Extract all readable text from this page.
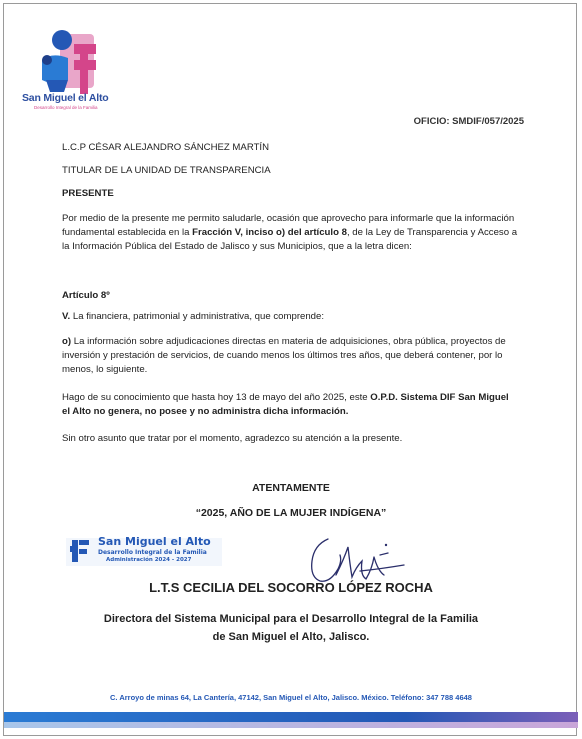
San Miguel el Alto
Desarrollo Integral de la Familia
OFICIO: SMDIF/057/2025
L.C.P CÉSAR ALEJANDRO SÁNCHEZ MARTÍN
TITULAR DE LA UNIDAD DE TRANSPARENCIA
PRESENTE
Por medio de la presente me permito saludarle, ocasión que aprovecho para informarle que la información fundamental establecida en la Fracción V, inciso o) del artículo 8, de la Ley de Transparencia y Acceso a la Información Pública del Estado de Jalisco y sus Municipios, que a la letra dicen:
Artículo 8º
V. La financiera, patrimonial y administrativa, que comprende:
o) La información sobre adjudicaciones directas en materia de adquisiciones, obra pública, proyectos de inversión y prestación de servicios, de cuando menos los últimos tres años, que deberá contener, por lo menos, lo siguiente.
Hago de su conocimiento que hasta hoy 13 de mayo del año 2025, este O.P.D. Sistema DIF San Miguel el Alto no genera, no posee y no administra dicha información.
Sin otro asunto que tratar por el momento, agradezco su atención a la presente.
ATENTAMENTE
“2025, AÑO DE LA MUJER INDÍGENA”
San Miguel el Alto
Desarrollo Integral de la Familia
Administración 2024 - 2027
L.T.S CECILIA DEL SOCORRO LÓPEZ ROCHA
Directora del Sistema Municipal para el Desarrollo Integral de la Familia
de San Miguel el Alto, Jalisco.
C. Arroyo de minas 64, La Cantería, 47142, San Miguel el Alto, Jalisco. México. Teléfono: 347 788 4648
